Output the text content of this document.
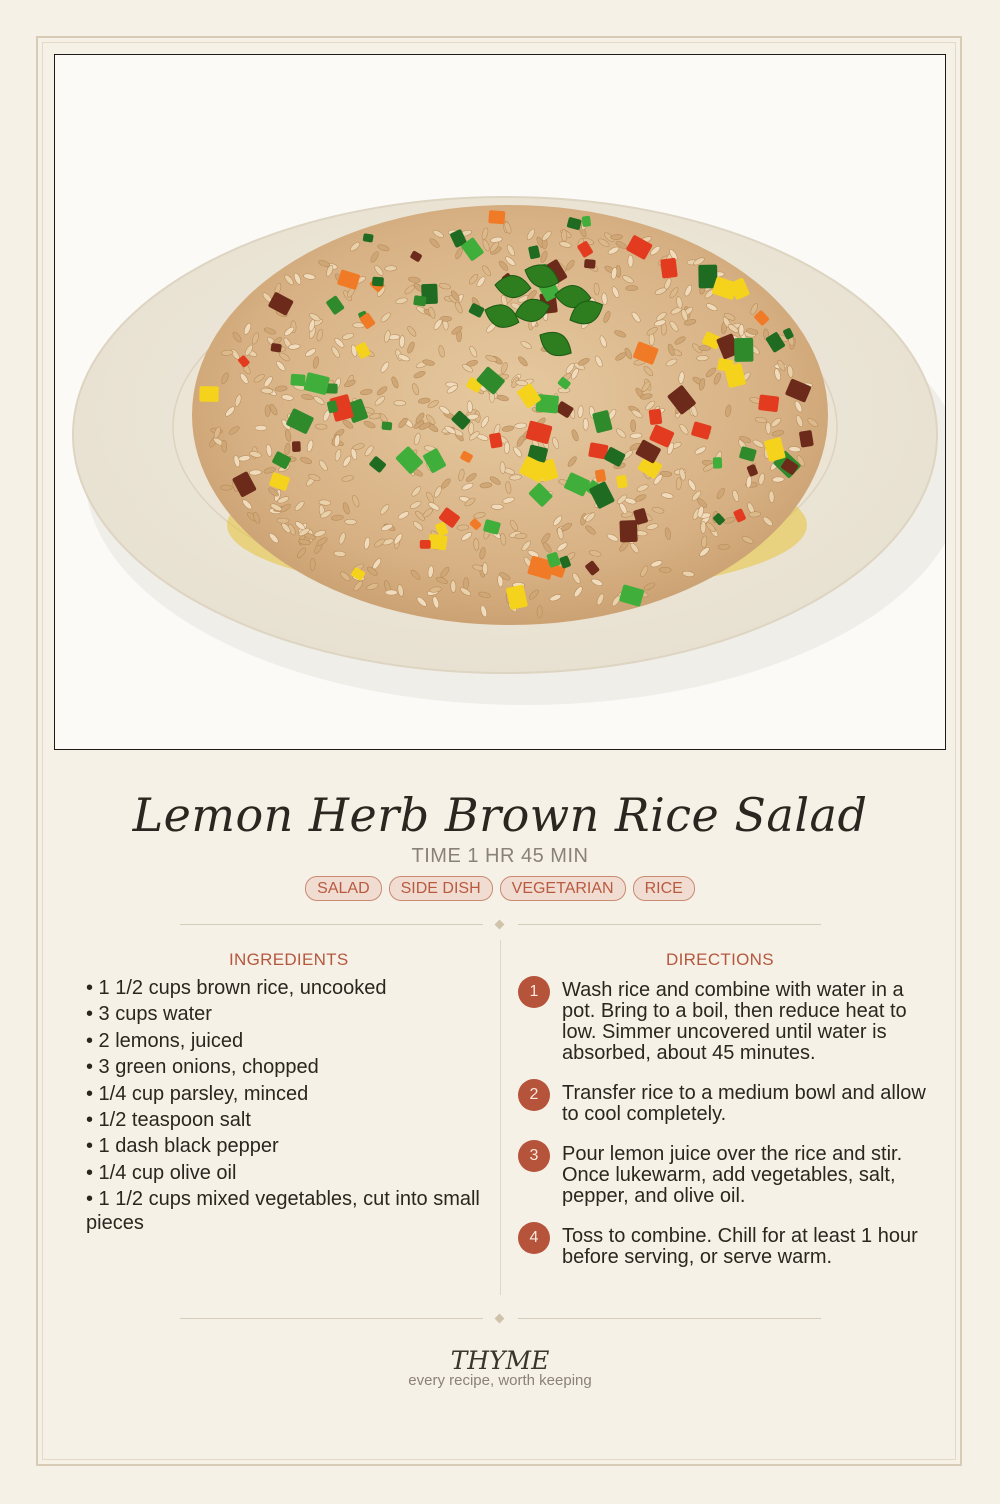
Lemon Herb Brown Rice Salad
TIME 1 HR 45 MIN
SALAD	SIDE DISH	VEGETARIAN	RICE
INGREDIENTS
• 1 1/2 cups brown rice, uncooked
• 3 cups water
• 2 lemons, juiced
• 3 green onions, chopped
• 1/4 cup parsley, minced
• 1/2 teaspoon salt
• 1 dash black pepper
• 1/4 cup olive oil
• 1 1/2 cups mixed vegetables, cut into small pieces
DIRECTIONS
1	Wash rice and combine with water in a pot. Bring to a boil, then reduce heat to low. Simmer uncovered until water is absorbed, about 45 minutes.
2	Transfer rice to a medium bowl and allow to cool completely.
3	Pour lemon juice over the rice and stir. Once lukewarm, add vegetables, salt, pepper, and olive oil.
4	Toss to combine. Chill for at least 1 hour before serving, or serve warm.
THYME
every recipe, worth keeping
